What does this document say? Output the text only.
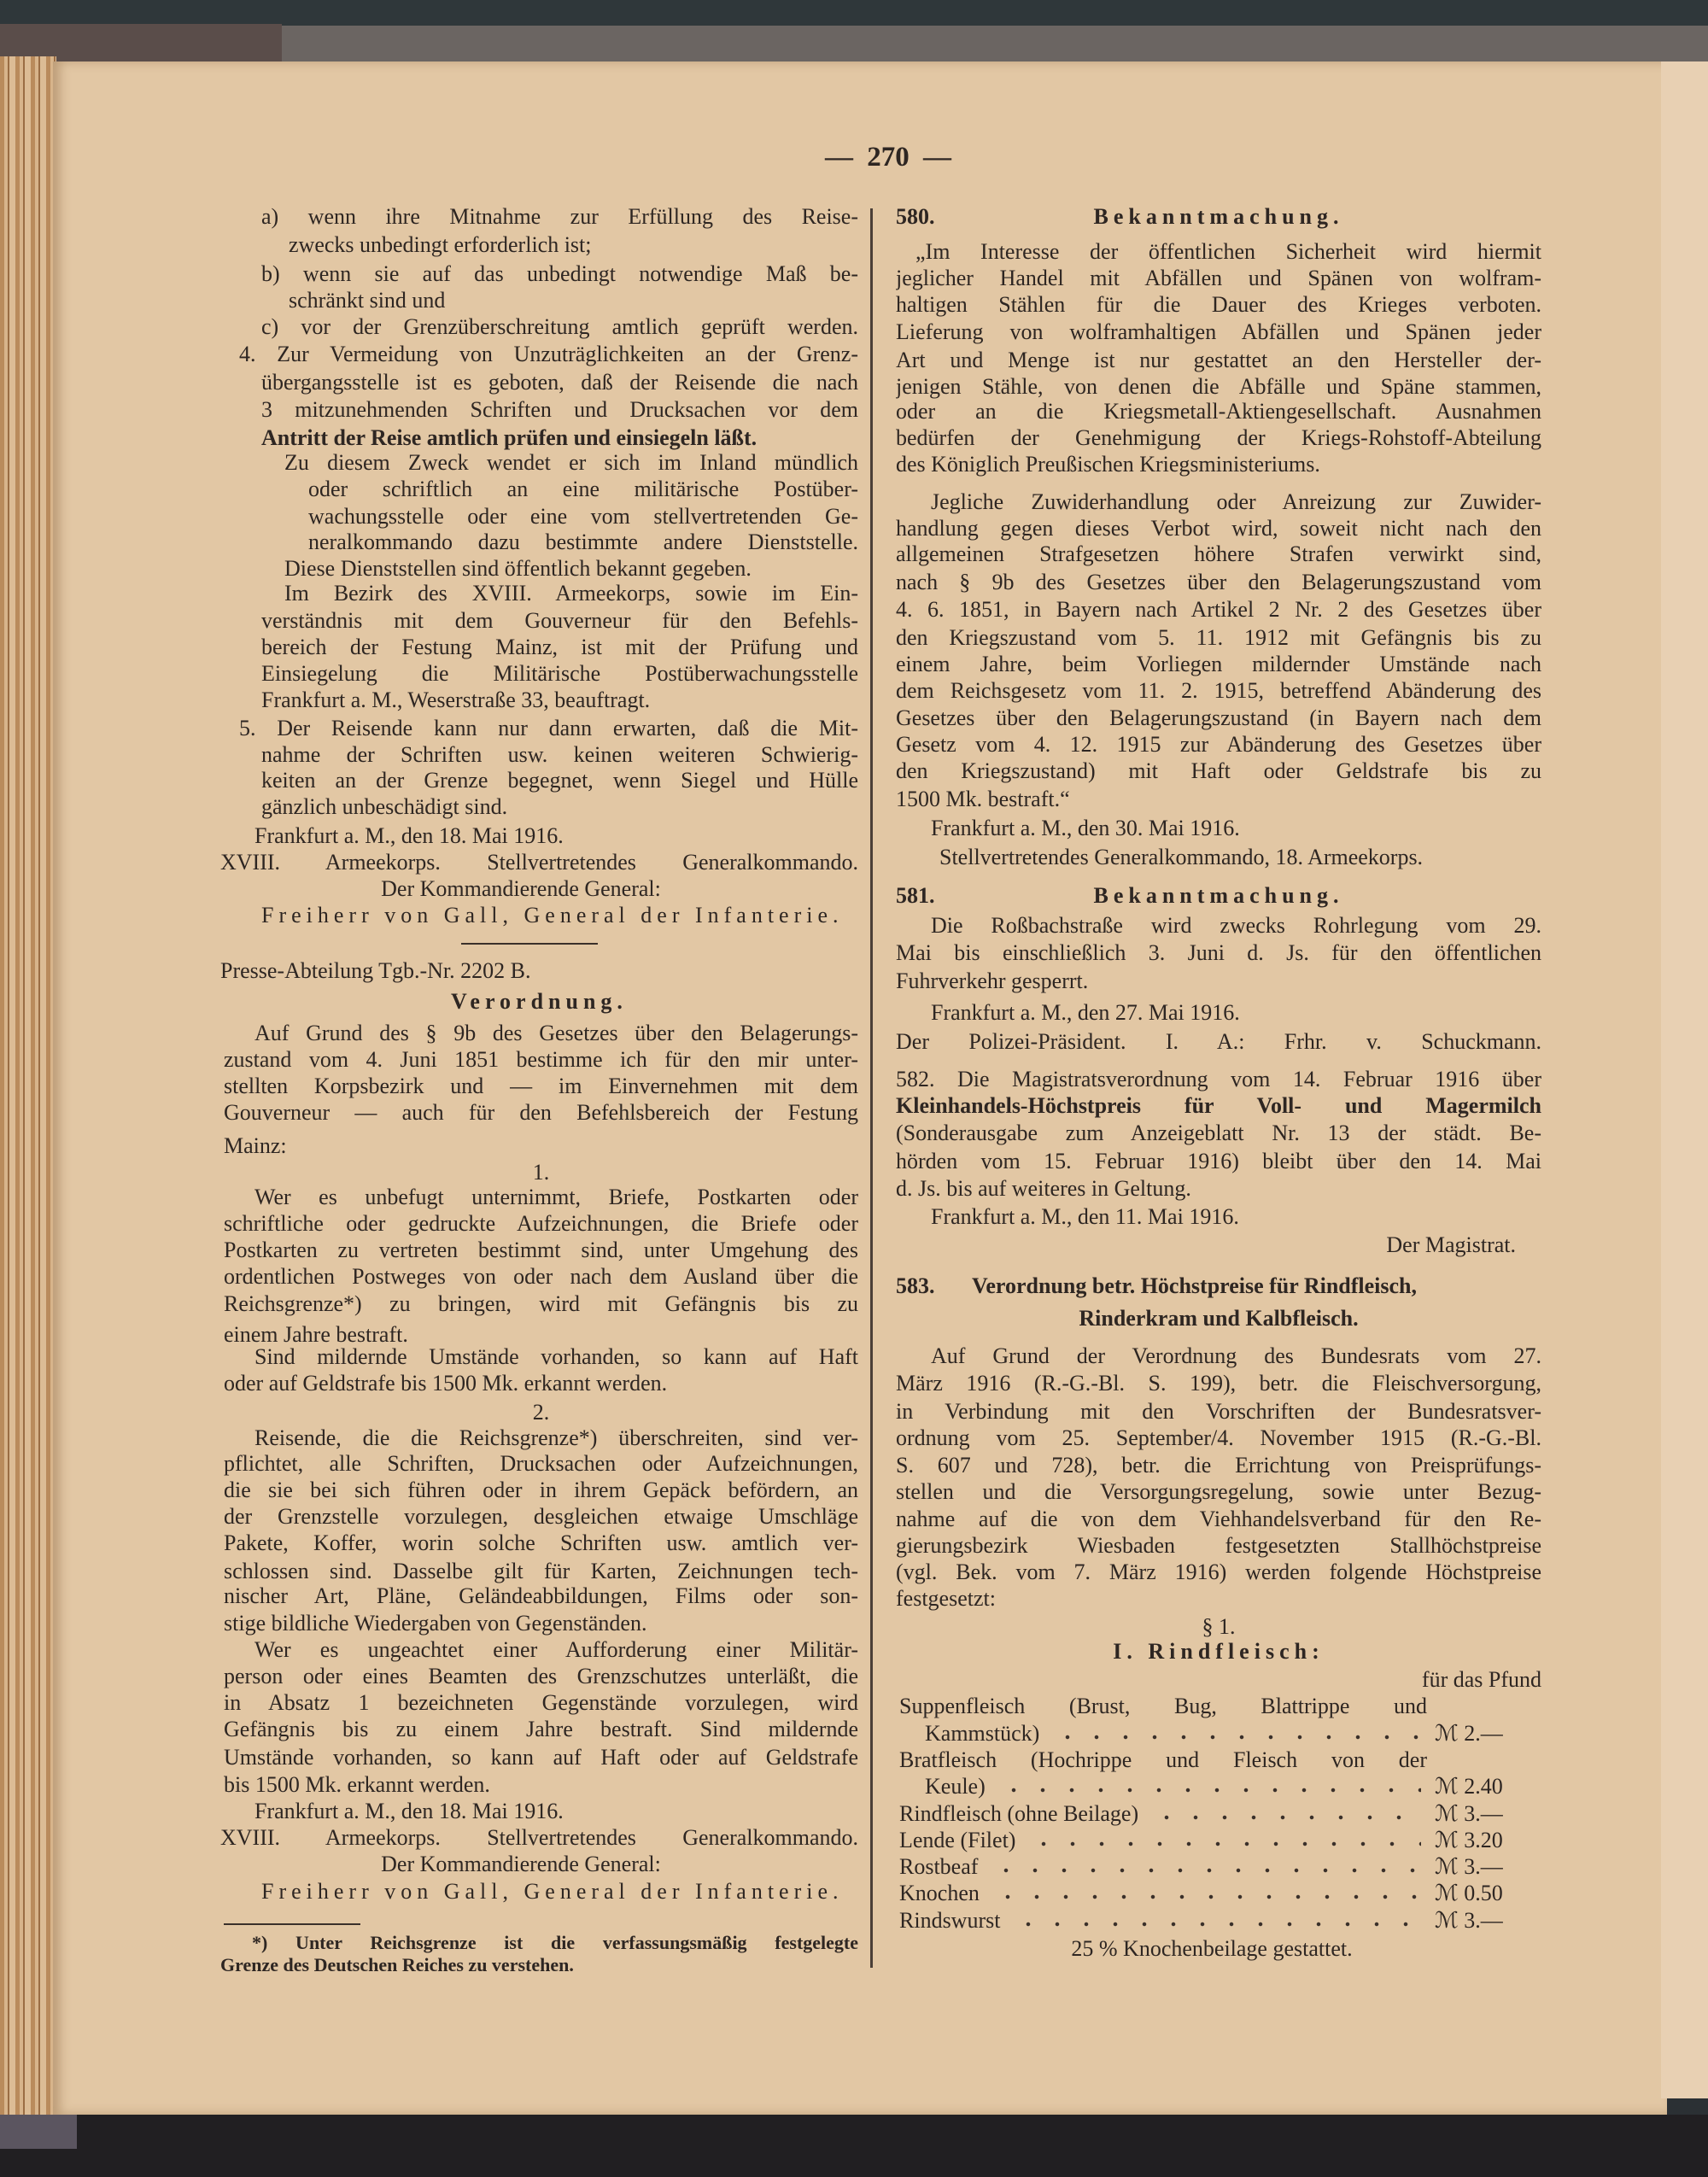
— 270 —
a) wenn ihre Mitnahme zur Erfüllung des Reise-
zwecks unbedingt erforderlich ist;
b) wenn sie auf das unbedingt notwendige Maß be-
schränkt sind und
c) vor der Grenzüberschreitung amtlich geprüft werden.
4. Zur Vermeidung von Unzuträglichkeiten an der Grenz-
übergangsstelle ist es geboten, daß der Reisende die nach
3 mitzunehmenden Schriften und Drucksachen vor dem
Antritt der Reise amtlich prüfen und einsiegeln läßt.
Zu diesem Zweck wendet er sich im Inland mündlich
oder schriftlich an eine militärische Postüber-
wachungsstelle oder eine vom stellvertretenden Ge-
neralkommando dazu bestimmte andere Dienststelle.
Diese Dienststellen sind öffentlich bekannt gegeben.
Im Bezirk des XVIII. Armeekorps, sowie im Ein-
verständnis mit dem Gouverneur für den Befehls-
bereich der Festung Mainz, ist mit der Prüfung und
Einsiegelung die Militärische Postüberwachungsstelle
Frankfurt a. M., Weserstraße 33, beauftragt.
5. Der Reisende kann nur dann erwarten, daß die Mit-
nahme der Schriften usw. keinen weiteren Schwierig-
keiten an der Grenze begegnet, wenn Siegel und Hülle
gänzlich unbeschädigt sind.
Frankfurt a. M., den 18. Mai 1916.
XVIII. Armeekorps. Stellvertretendes Generalkommando.
Der Kommandierende General:
Freiherr von Gall, General der Infanterie.
Presse-Abteilung Tgb.-Nr. 2202 B.
Verordnung.
Auf Grund des § 9b des Gesetzes über den Belagerungs-
zustand vom 4. Juni 1851 bestimme ich für den mir unter-
stellten Korpsbezirk und — im Einvernehmen mit dem
Gouverneur — auch für den Befehlsbereich der Festung
Mainz:
1.
Wer es unbefugt unternimmt, Briefe, Postkarten oder
schriftliche oder gedruckte Aufzeichnungen, die Briefe oder
Postkarten zu vertreten bestimmt sind, unter Umgehung des
ordentlichen Postweges von oder nach dem Ausland über die
Reichsgrenze*) zu bringen, wird mit Gefängnis bis zu
einem Jahre bestraft.
Sind mildernde Umstände vorhanden, so kann auf Haft
oder auf Geldstrafe bis 1500 Mk. erkannt werden.
2.
Reisende, die die Reichsgrenze*) überschreiten, sind ver-
pflichtet, alle Schriften, Drucksachen oder Aufzeichnungen,
die sie bei sich führen oder in ihrem Gepäck befördern, an
der Grenzstelle vorzulegen, desgleichen etwaige Umschläge
Pakete, Koffer, worin solche Schriften usw. amtlich ver-
schlossen sind. Dasselbe gilt für Karten, Zeichnungen tech-
nischer Art, Pläne, Geländeabbildungen, Films oder son-
stige bildliche Wiedergaben von Gegenständen.
Wer es ungeachtet einer Aufforderung einer Militär-
person oder eines Beamten des Grenzschutzes unterläßt, die
in Absatz 1 bezeichneten Gegenstände vorzulegen, wird
Gefängnis bis zu einem Jahre bestraft. Sind mildernde
Umstände vorhanden, so kann auf Haft oder auf Geldstrafe
bis 1500 Mk. erkannt werden.
Frankfurt a. M., den 18. Mai 1916.
XVIII. Armeekorps. Stellvertretendes Generalkommando.
Der Kommandierende General:
Freiherr von Gall, General der Infanterie.
*) Unter Reichsgrenze ist die verfassungsmäßig festgelegte
Grenze des Deutschen Reiches zu verstehen.
580.	Bekanntmachung.
„Im Interesse der öffentlichen Sicherheit wird hiermit
jeglicher Handel mit Abfällen und Spänen von wolfram-
haltigen Stählen für die Dauer des Krieges verboten.
Lieferung von wolframhaltigen Abfällen und Spänen jeder
Art und Menge ist nur gestattet an den Hersteller der-
jenigen Stähle, von denen die Abfälle und Späne stammen,
oder an die Kriegsmetall-Aktiengesellschaft. Ausnahmen
bedürfen der Genehmigung der Kriegs-Rohstoff-Abteilung
des Königlich Preußischen Kriegsministeriums.
Jegliche Zuwiderhandlung oder Anreizung zur Zuwider-
handlung gegen dieses Verbot wird, soweit nicht nach den
allgemeinen Strafgesetzen höhere Strafen verwirkt sind,
nach § 9b des Gesetzes über den Belagerungszustand vom
4. 6. 1851, in Bayern nach Artikel 2 Nr. 2 des Gesetzes über
den Kriegszustand vom 5. 11. 1912 mit Gefängnis bis zu
einem Jahre, beim Vorliegen mildernder Umstände nach
dem Reichsgesetz vom 11. 2. 1915, betreffend Abänderung des
Gesetzes über den Belagerungszustand (in Bayern nach dem
Gesetz vom 4. 12. 1915 zur Abänderung des Gesetzes über
den Kriegszustand) mit Haft oder Geldstrafe bis zu
1500 Mk. bestraft.“
Frankfurt a. M., den 30. Mai 1916.
Stellvertretendes Generalkommando, 18. Armeekorps.
581.	Bekanntmachung.
Die Roßbachstraße wird zwecks Rohrlegung vom 29.
Mai bis einschließlich 3. Juni d. Js. für den öffentlichen
Fuhrverkehr gesperrt.
Frankfurt a. M., den 27. Mai 1916.
Der Polizei-Präsident. I. A.: Frhr. v. Schuckmann.
582. Die Magistratsverordnung vom 14. Februar 1916 über
Kleinhandels-Höchstpreis für Voll- und Magermilch
(Sonderausgabe zum Anzeigeblatt Nr. 13 der städt. Be-
hörden vom 15. Februar 1916) bleibt über den 14. Mai
d. Js. bis auf weiteres in Geltung.
Frankfurt a. M., den 11. Mai 1916.
Der Magistrat.
583.	Verordnung betr. Höchstpreise für Rindfleisch,
Rinderkram und Kalbfleisch.
Auf Grund der Verordnung des Bundesrats vom 27.
März 1916 (R.-G.-Bl. S. 199), betr. die Fleischversorgung,
in Verbindung mit den Vorschriften der Bundesratsver-
ordnung vom 25. September/4. November 1915 (R.-G.-Bl.
S. 607 und 728), betr. die Errichtung von Preisprüfungs-
stellen und die Versorgungsregelung, sowie unter Bezug-
nahme auf die von dem Viehhandelsverband für den Re-
gierungsbezirk Wiesbaden festgesetzten Stallhöchstpreise
(vgl. Bek. vom 7. März 1916) werden folgende Höchstpreise
festgesetzt:
§ 1.
I. Rindfleisch:
für das Pfund
Suppenfleisch (Brust, Bug, Blattrippe und
Kammstück)	ℳ 2.—
Bratfleisch (Hochrippe und Fleisch von der
Keule)	ℳ 2.40
Rindfleisch (ohne Beilage)	ℳ 3.—
Lende (Filet)	ℳ 3.20
Rostbeaf	ℳ 3.—
Knochen	ℳ 0.50
Rindswurst	ℳ 3.—
25 % Knochenbeilage gestattet.
